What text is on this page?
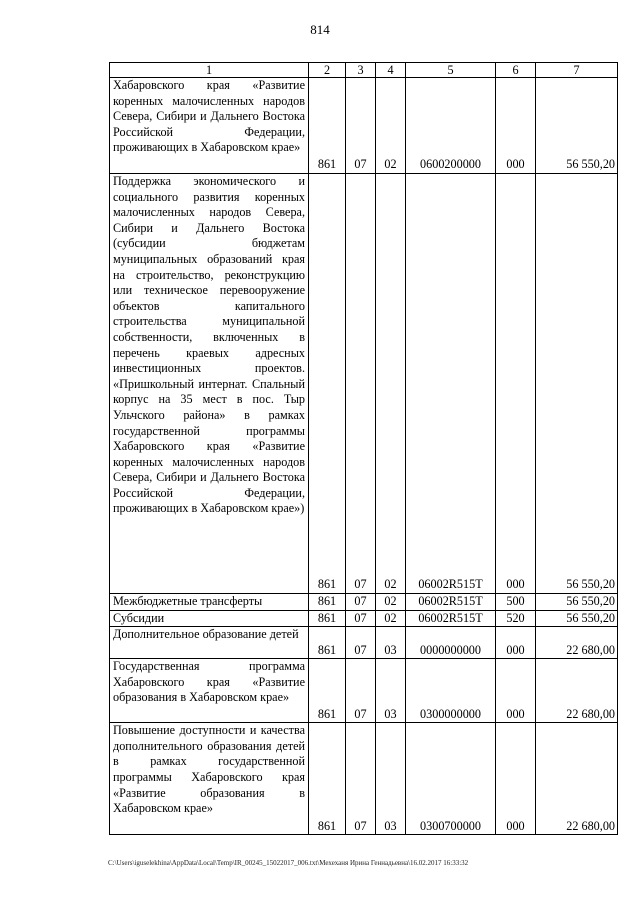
814
1	2	3	4	5	6	7
Хабаровского края «Развитие коренных малочисленных народов Севера, Сибири и Дальнего Востока Российской Федерации, проживающих в Хабаровском крае»	861	07	02	0600200000	000	56 550,20
Поддержка экономического и социального развития коренных малочисленных народов Севера, Сибири и Дальнего Востока (субсидии бюджетам муниципальных образований края на строительство, реконструкцию или техническое перевооружение объектов капитального строительства муниципальной собственности, включенных в перечень краевых адресных инвестиционных проектов. «Пришкольный интернат. Спальный корпус на 35 мест в пос. Тыр Ульчского района» в рамках государственной программы Хабаровского края «Развитие коренных малочисленных народов Севера, Сибири и Дальнего Востока Российской Федерации, проживающих в Хабаровском крае»)	861	07	02	06002R515Т	000	56 550,20
Межбюджетные трансферты	861	07	02	06002R515Т	500	56 550,20
Субсидии	861	07	02	06002R515Т	520	56 550,20
Дополнительное образование детей	861	07	03	0000000000	000	22 680,00
Государственная программа Хабаровского края «Развитие образования в Хабаровском крае»	861	07	03	0300000000	000	22 680,00
Повышение доступности и качества дополнительного образования детей в рамках государственной программы Хабаровского края «Развитие образования в Хабаровском крае»	861	07	03	0300700000	000	22 680,00
C:\Users\iguselekhina\AppData\Local\Temp\IR_00245_15022017_006.txt\Мехеханя Ирина Геннадьевна\16.02.2017 16:33:32
